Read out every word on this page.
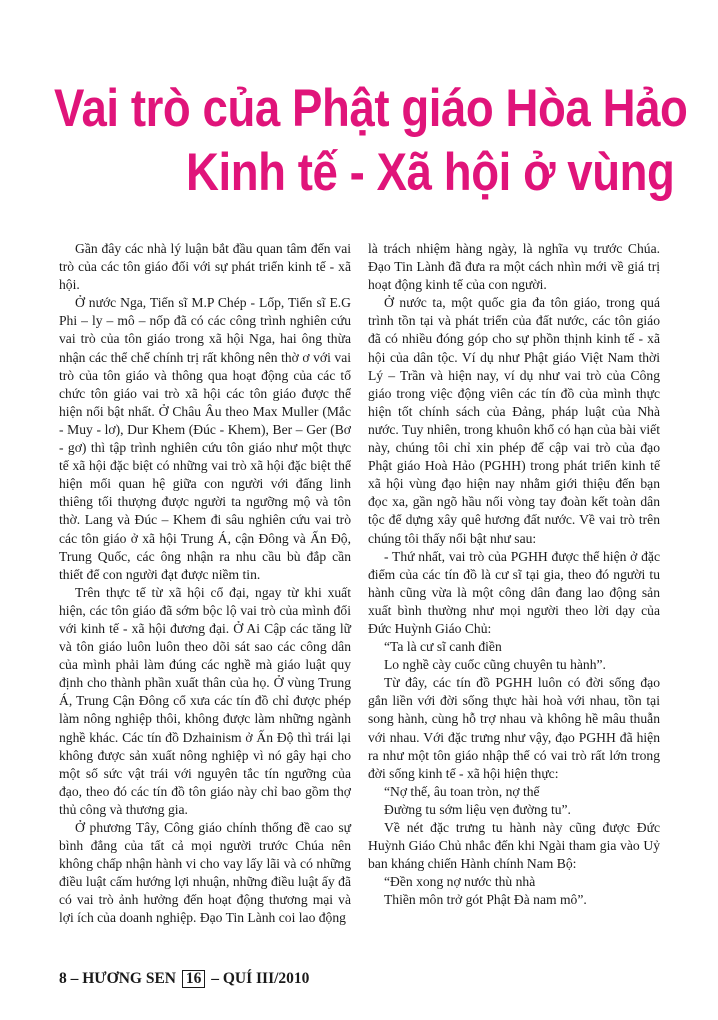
Vai trò của Phật giáo Hòa Hảo
Kinh tế - Xã hội ở vùng

Gần đây các nhà lý luận bắt đầu quan tâm đến vai trò của các tôn giáo đối với sự phát triển kinh tế - xã hội.

Ở nước Nga, Tiến sĩ M.P Chép - Lốp, Tiến sĩ E.G Phi – ly – mô – nốp đã có các công trình nghiên cứu vai trò của tôn giáo trong xã hội Nga, hai ông thừa nhận các thể chế chính trị rất không nên thờ ơ với vai trò của tôn giáo và thông qua hoạt động của các tổ chức tôn giáo vai trò xã hội các tôn giáo được thể hiện nổi bật nhất. Ở Châu Âu theo Max Muller (Mắc - Muy - lơ), Dur Khem (Đúc - Khem), Ber – Ger (Bơ - gơ) thì tập trình nghiên cứu tôn giáo như một thực tế xã hội đặc biệt có những vai trò xã hội đặc biệt thể hiện mối quan hệ giữa con người với đấng linh thiêng tối thượng được người ta ngưỡng mộ và tôn thờ. Lang và Đúc – Khem đi sâu nghiên cứu vai trò các tôn giáo ở xã hội Trung Á, cận Đông và Ấn Độ, Trung Quốc, các ông nhận ra nhu cầu bù đắp cần thiết để con người đạt được niềm tin.

Trên thực tế từ xã hội cổ đại, ngay từ khi xuất hiện, các tôn giáo đã sớm bộc lộ vai trò của mình đối với kinh tế - xã hội đương đại. Ở Ai Cập các tăng lữ và tôn giáo luôn luôn theo dõi sát sao các công dân của mình phải làm đúng các nghề mà giáo luật quy định cho thành phần xuất thân của họ. Ở vùng Trung Á, Trung Cận Đông cổ xưa các tín đồ chỉ được phép làm nông nghiệp thôi, không được làm những ngành nghề khác. Các tín đồ Dzhainism ở Ấn Độ thì trái lại không được sản xuất nông nghiệp vì nó gây hại cho một số sức vật trái với nguyên tắc tín ngưỡng của đạo, theo đó các tín đồ tôn giáo này chỉ bao gồm thợ thủ công và thương gia.

Ở phương Tây, Công giáo chính thống đề cao sự bình đẳng của tất cả mọi người trước Chúa nên không chấp nhận hành vi cho vay lấy lãi và có những điều luật cấm hướng lợi nhuận, những điều luật ấy đã có vai trò ảnh hưởng đến hoạt động thương mại và lợi ích của doanh nghiệp. Đạo Tin Lành coi lao động

là trách nhiệm hàng ngày, là nghĩa vụ trước Chúa. Đạo Tin Lành đã đưa ra một cách nhìn mới về giá trị hoạt động kinh tế của con người.

Ở nước ta, một quốc gia đa tôn giáo, trong quá trình tồn tại và phát triển của đất nước, các tôn giáo đã có nhiều đóng góp cho sự phồn thịnh kinh tế - xã hội của dân tộc. Ví dụ như Phật giáo Việt Nam thời Lý – Trần và hiện nay, ví dụ như vai trò của Công giáo trong việc động viên các tín đồ của mình thực hiện tốt chính sách của Đảng, pháp luật của Nhà nước. Tuy nhiên, trong khuôn khổ có hạn của bài viết này, chúng tôi chỉ xin phép để cập vai trò của đạo Phật giáo Hoà Hảo (PGHH) trong phát triển kinh tế xã hội vùng đạo hiện nay nhằm giới thiệu đến bạn đọc xa, gần ngõ hầu nối vòng tay đoàn kết toàn dân tộc để dựng xây quê hương đất nước. Về vai trò trên chúng tôi thấy nổi bật như sau:

- Thứ nhất, vai trò của PGHH được thể hiện ở đặc điểm của các tín đồ là cư sĩ tại gia, theo đó người tu hành cũng vừa là một công dân đang lao động sản xuất bình thường như mọi người theo lời dạy của Đức Huỳnh Giáo Chủ:

“Ta là cư sĩ canh điền

Lo nghề cày cuốc cũng chuyên tu hành”.

Từ đây, các tín đồ PGHH luôn có đời sống đạo gắn liền với đời sống thực hài hoà với nhau, tồn tại song hành, cùng hỗ trợ nhau và không hề mâu thuẫn với nhau. Với đặc trưng như vậy, đạo PGHH đã hiện ra như một tôn giáo nhập thế có vai trò rất lớn trong đời sống kinh tế - xã hội hiện thực:

“Nợ thế, âu toan tròn, nợ thế

Đường tu sớm liệu vẹn đường tu”.

Về nét đặc trưng tu hành này cũng được Đức Huỳnh Giáo Chủ nhắc đến khi Ngài tham gia vào Uỷ ban kháng chiến Hành chính Nam Bộ:

“Đền xong nợ nước thù nhà

Thiền môn trở gót Phật Đà nam mô”.

8 – HƯƠNG SEN 16 – QUÍ III/2010
